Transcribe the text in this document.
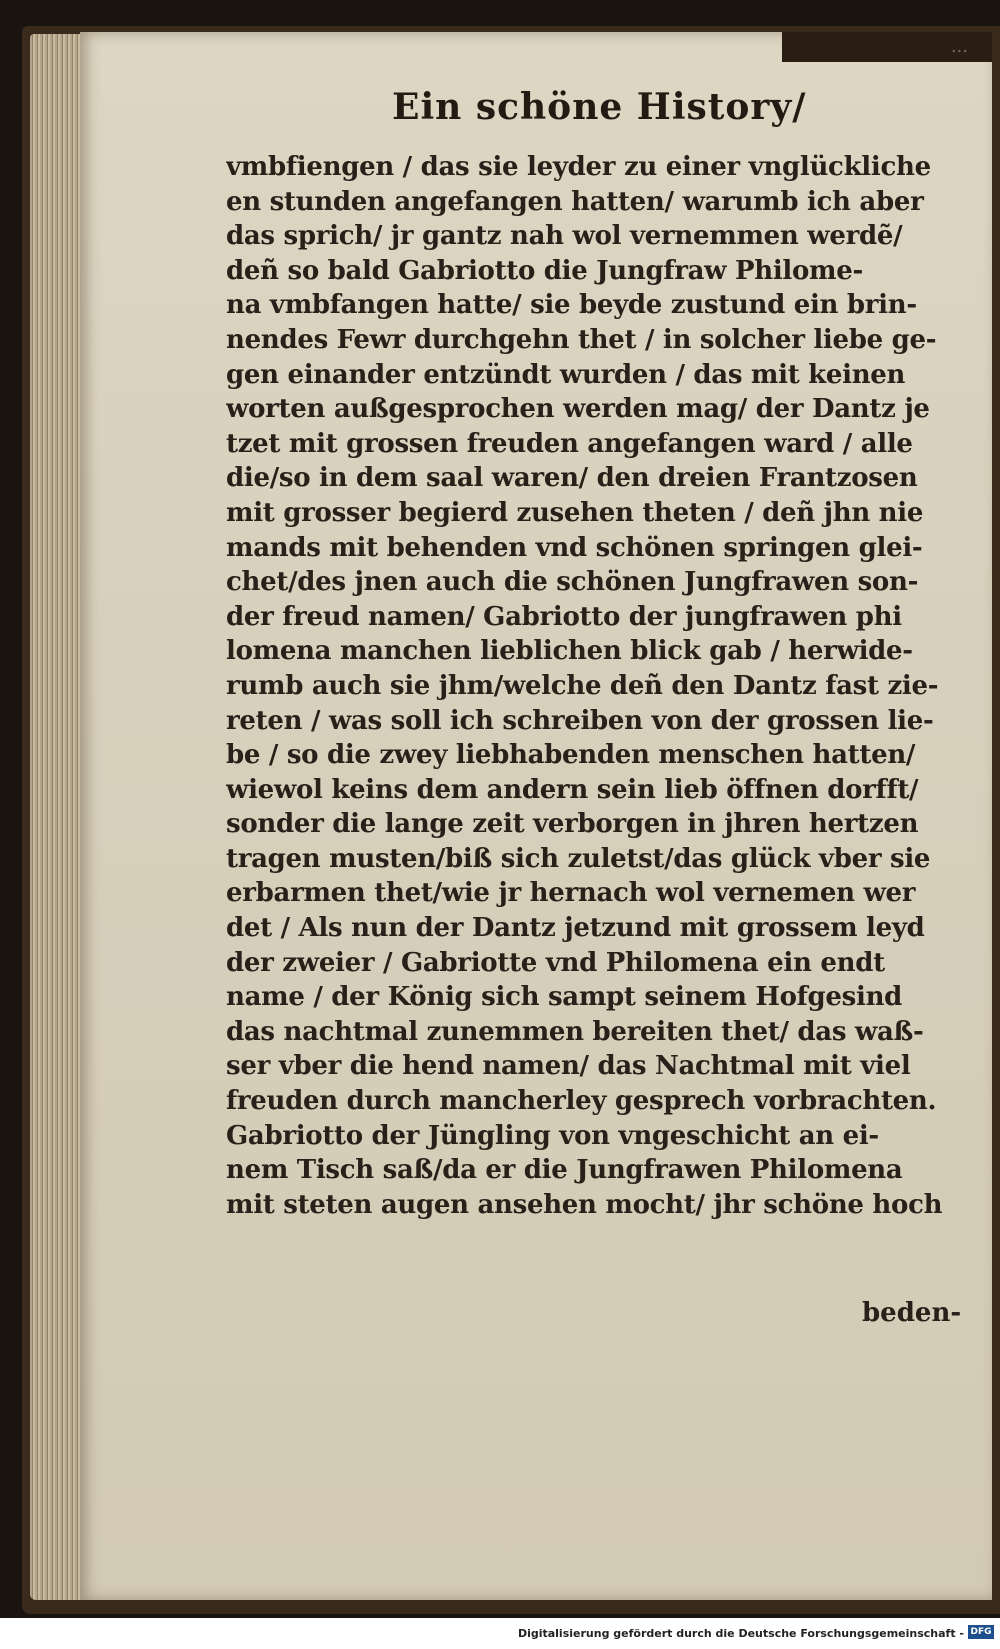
...
Ein schöne History/
vmbfiengen / das sie leyder zu einer vnglückliche
en stunden angefangen hatten/ warumb ich aber
das sprich/ jr gantz nah wol vernemmen werdẽ/
deñ so bald Gabriotto die Jungfraw Philome-
na vmbfangen hatte/ sie beyde zustund ein brin-
nendes Fewr durchgehn thet / in solcher liebe ge-
gen einander entzündt wurden / das mit keinen
worten außgesprochen werden mag/ der Dantz je
tzet mit grossen freuden angefangen ward / alle
die/so in dem saal waren/ den dreien Frantzosen
mit grosser begierd zusehen theten / deñ jhn nie
mands mit behenden vnd schönen springen glei-
chet/des jnen auch die schönen Jungfrawen son-
der freud namen/ Gabriotto der jungfrawen phi
lomena manchen lieblichen blick gab / herwide-
rumb auch sie jhm/welche deñ den Dantz fast zie-
reten / was soll ich schreiben von der grossen lie-
be / so die zwey liebhabenden menschen hatten/
wiewol keins dem andern sein lieb öffnen dorfft/
sonder die lange zeit verborgen in jhren hertzen
tragen musten/biß sich zuletst/das glück vber sie
erbarmen thet/wie jr hernach wol vernemen wer
det / Als nun der Dantz jetzund mit grossem leyd
der zweier / Gabriotte vnd Philomena ein endt
name / der König sich sampt seinem Hofgesind
das nachtmal zunemmen bereiten thet/ das waß-
ser vber die hend namen/ das Nachtmal mit viel
freuden durch mancherley gesprech vorbrachten.
Gabriotto der Jüngling von vngeschicht an ei-
nem Tisch saß/da er die Jungfrawen Philomena
mit steten augen ansehen mocht/ jhr schöne hoch
beden-
Digitalisierung gefördert durch die Deutsche Forschungsgemeinschaft - DFG
